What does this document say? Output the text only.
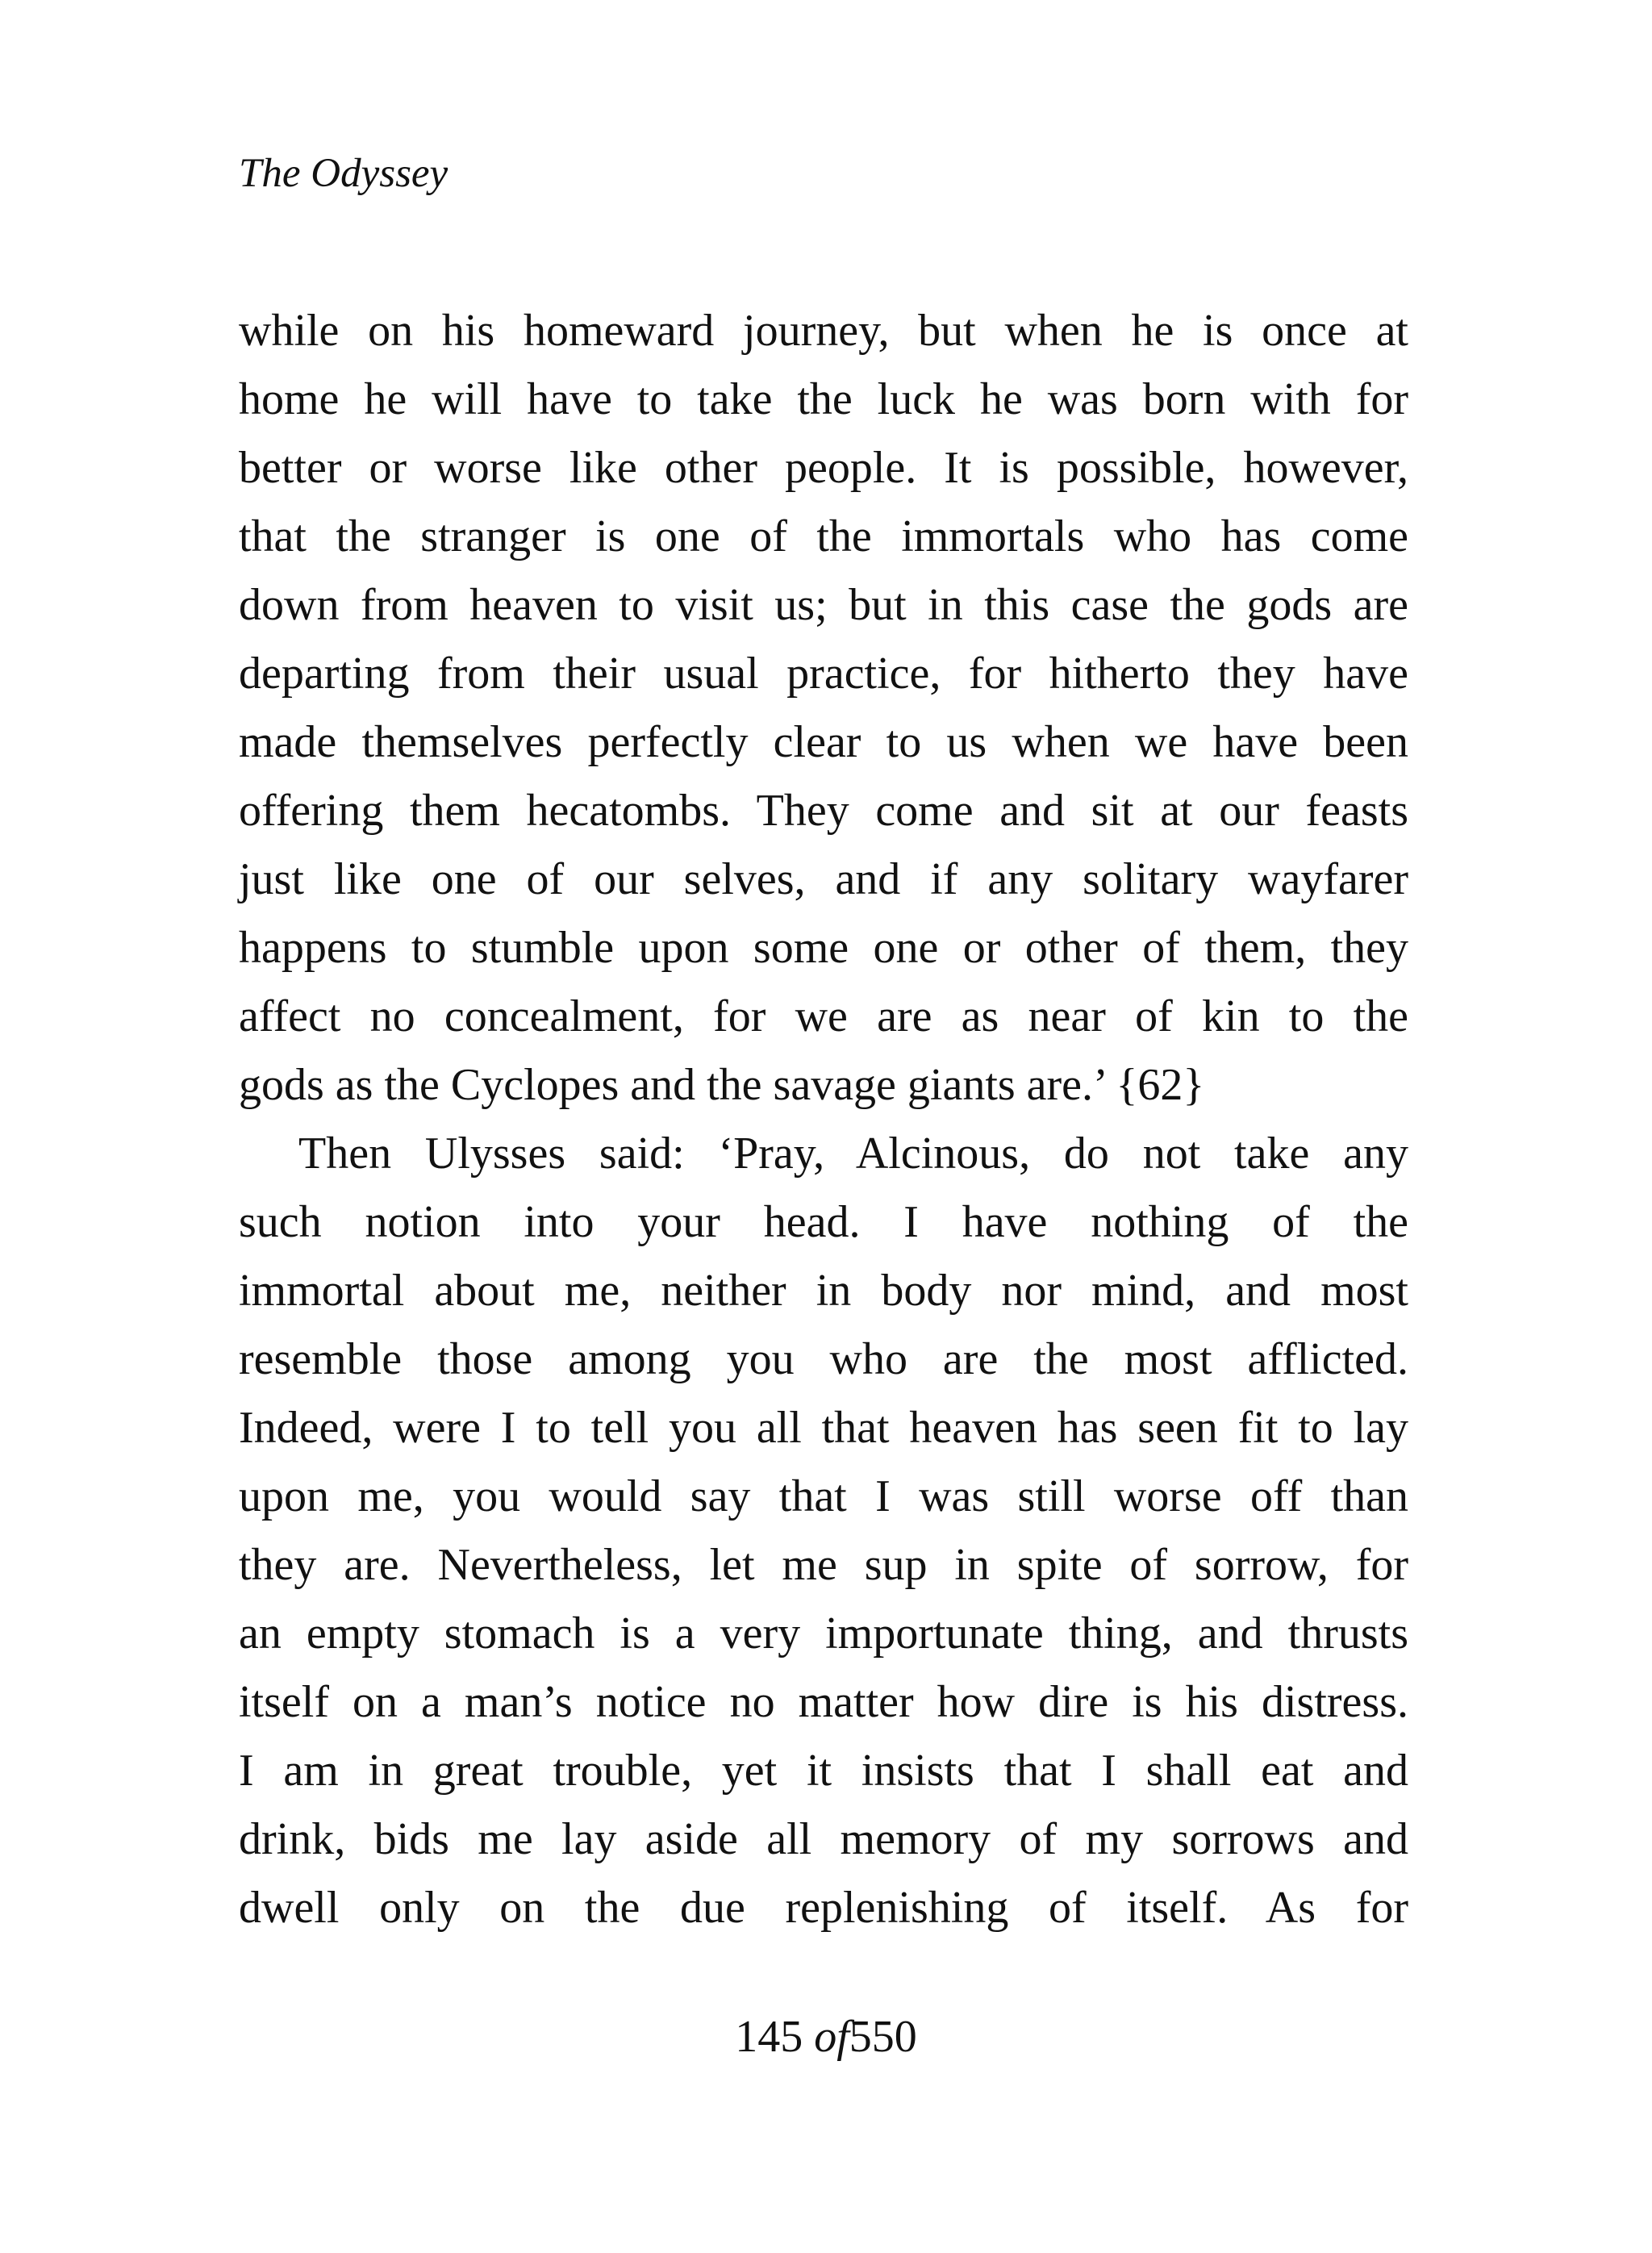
The Odyssey
while on his homeward journey, but when he is once at
home he will have to take the luck he was born with for
better or worse like other people. It is possible, however,
that the stranger is one of the immortals who has come
down from heaven to visit us; but in this case the gods are
departing from their usual practice, for hitherto they have
made themselves perfectly clear to us when we have been
offering them hecatombs. They come and sit at our feasts
just like one of our selves, and if any solitary wayfarer
happens to stumble upon some one or other of them, they
affect no concealment, for we are as near of kin to the
gods as the Cyclopes and the savage giants are.’ {62}
Then Ulysses said: ‘Pray, Alcinous, do not take any
such notion into your head. I have nothing of the
immortal about me, neither in body nor mind, and most
resemble those among you who are the most afflicted.
Indeed, were I to tell you all that heaven has seen fit to lay
upon me, you would say that I was still worse off than
they are. Nevertheless, let me sup in spite of sorrow, for
an empty stomach is a very importunate thing, and thrusts
itself on a man’s notice no matter how dire is his distress.
I am in great trouble, yet it insists that I shall eat and
drink, bids me lay aside all memory of my sorrows and
dwell only on the due replenishing of itself. As for
145 of550
